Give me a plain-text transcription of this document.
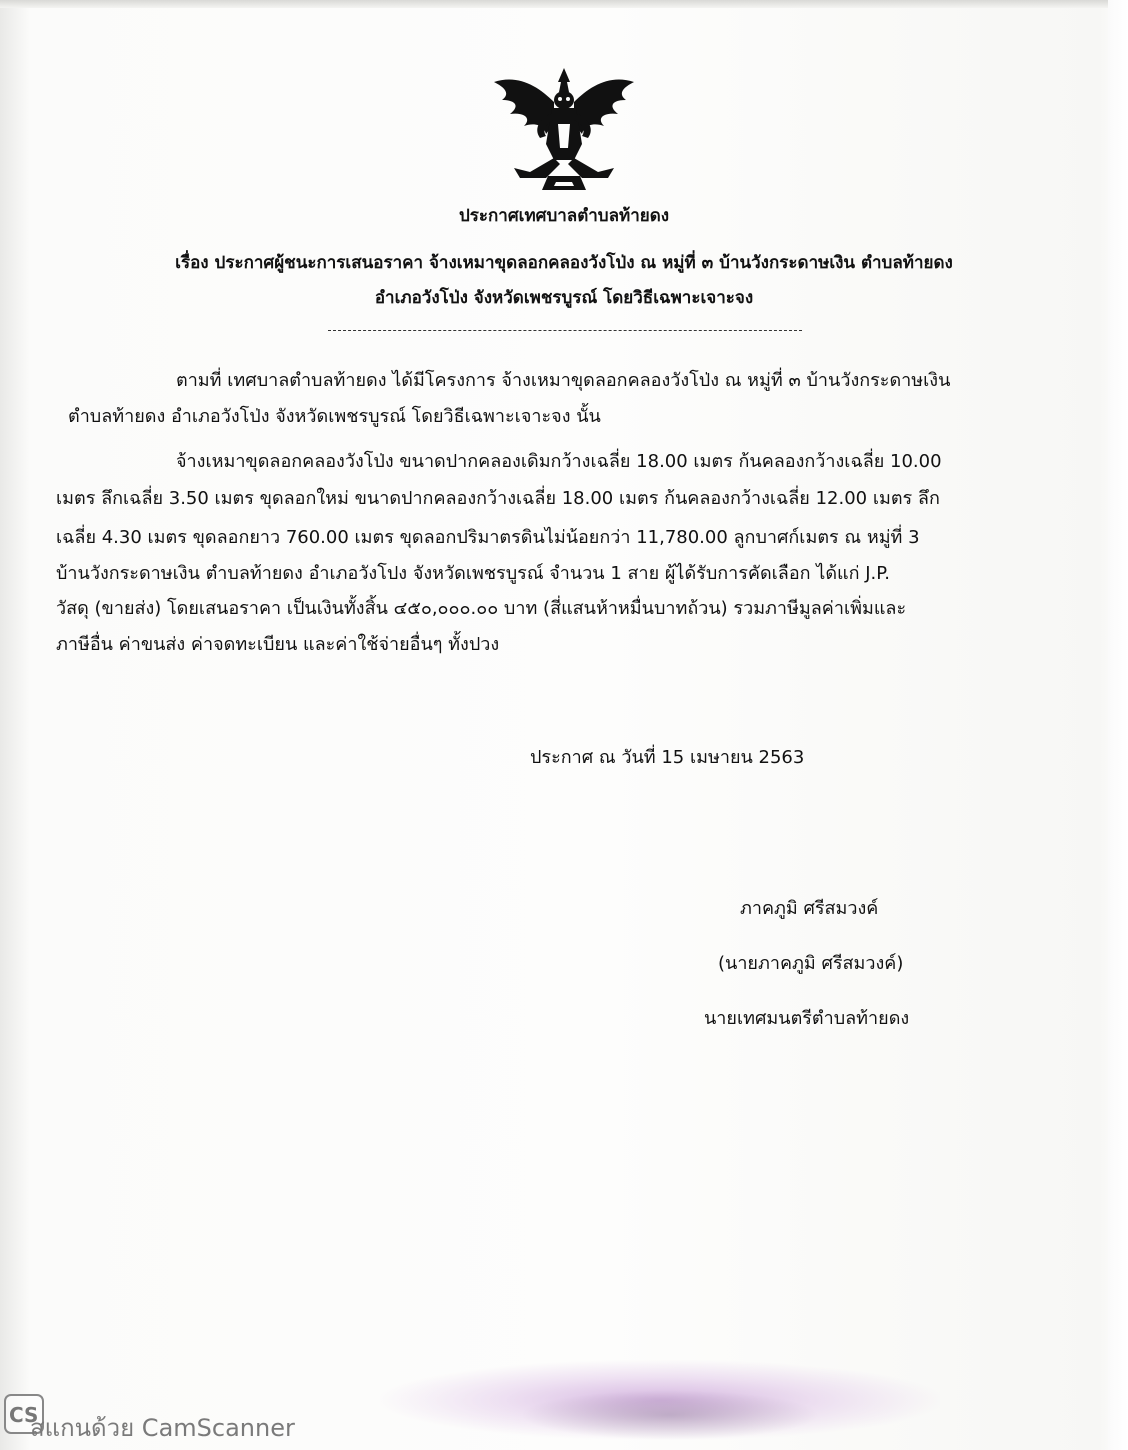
ประกาศเทศบาลตำบลท้ายดง
เรื่อง ประกาศผู้ชนะการเสนอราคา จ้างเหมาขุดลอกคลองวังโป่ง ณ หมู่ที่ ๓ บ้านวังกระดาษเงิน ตำบลท้ายดง
อำเภอวังโป่ง จังหวัดเพชรบูรณ์ โดยวิธีเฉพาะเจาะจง
ตามที่ เทศบาลตำบลท้ายดง ได้มีโครงการ จ้างเหมาขุดลอกคลองวังโป่ง ณ หมู่ที่ ๓ บ้านวังกระดาษเงิน
ตำบลท้ายดง อำเภอวังโป่ง จังหวัดเพชรบูรณ์ โดยวิธีเฉพาะเจาะจง นั้น
จ้างเหมาขุดลอกคลองวังโป่ง ขนาดปากคลองเดิมกว้างเฉลี่ย 18.00 เมตร ก้นคลองกว้างเฉลี่ย 10.00
เมตร ลึกเฉลี่ย 3.50 เมตร ขุดลอกใหม่ ขนาดปากคลองกว้างเฉลี่ย 18.00 เมตร ก้นคลองกว้างเฉลี่ย 12.00 เมตร ลึก
เฉลี่ย 4.30 เมตร ขุดลอกยาว 760.00 เมตร ขุดลอกปริมาตรดินไม่น้อยกว่า 11,780.00 ลูกบาศก์เมตร ณ หมู่ที่ 3
บ้านวังกระดาษเงิน ตำบลท้ายดง อำเภอวังโปง จังหวัดเพชรบูรณ์ จำนวน 1 สาย ผู้ได้รับการคัดเลือก ได้แก่ J.P.
วัสดุ (ขายส่ง) โดยเสนอราคา เป็นเงินทั้งสิ้น ๔๕๐,๐๐๐.๐๐ บาท (สี่แสนห้าหมื่นบาทถ้วน) รวมภาษีมูลค่าเพิ่มและ
ภาษีอื่น ค่าขนส่ง ค่าจดทะเบียน และค่าใช้จ่ายอื่นๆ ทั้งปวง
ประกาศ ณ วันที่ 15 เมษายน 2563
ภาคภูมิ ศรีสมวงค์
(นายภาคภูมิ ศรีสมวงค์)
นายเทศมนตรีตำบลท้ายดง
CS
สแกนด้วย CamScanner
